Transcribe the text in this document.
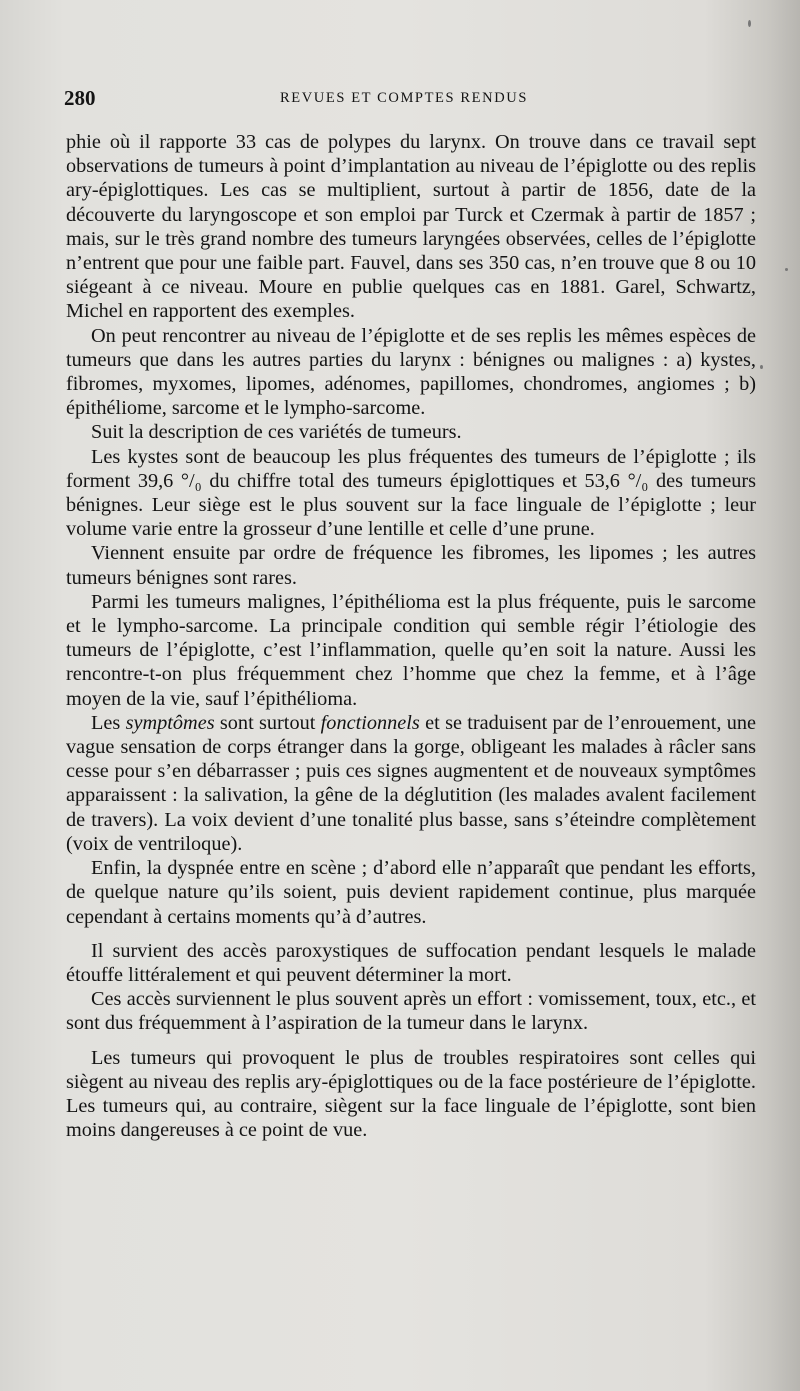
280	REVUES ET COMPTES RENDUS

phie où il rapporte 33 cas de polypes du larynx. On trouve dans ce travail sept observations de tumeurs à point d’implantation au niveau de l’épiglotte ou des replis ary-épiglottiques. Les cas se multiplient, surtout à partir de 1856, date de la découverte du laryngoscope et son emploi par Turck et Czermak à partir de 1857 ; mais, sur le très grand nombre des tumeurs laryngées observées, celles de l’épiglotte n’entrent que pour une faible part. Fauvel, dans ses 350 cas, n’en trouve que 8 ou 10 siégeant à ce niveau. Moure en publie quelques cas en 1881. Garel, Schwartz, Michel en rapportent des exemples.

On peut rencontrer au niveau de l’épiglotte et de ses replis les mêmes espèces de tumeurs que dans les autres parties du larynx : bénignes ou malignes : a) kystes, fibromes, myxomes, lipomes, adénomes, papillomes, chondromes, angiomes ; b) épithéliome, sarcome et le lympho-sarcome.

Suit la description de ces variétés de tumeurs.

Les kystes sont de beaucoup les plus fréquentes des tumeurs de l’épiglotte ; ils forment 39,6 °/₀ du chiffre total des tumeurs épiglottiques et 53,6 °/₀ des tumeurs bénignes. Leur siège est le plus souvent sur la face linguale de l’épiglotte ; leur volume varie entre la grosseur d’une lentille et celle d’une prune.

Viennent ensuite par ordre de fréquence les fibromes, les lipomes ; les autres tumeurs bénignes sont rares.

Parmi les tumeurs malignes, l’épithélioma est la plus fréquente, puis le sarcome et le lympho-sarcome. La principale condition qui semble régir l’étiologie des tumeurs de l’épiglotte, c’est l’inflammation, quelle qu’en soit la nature. Aussi les rencontre-t-on plus fréquemment chez l’homme que chez la femme, et à l’âge moyen de la vie, sauf l’épithélioma.

Les symptômes sont surtout fonctionnels et se traduisent par de l’enrouement, une vague sensation de corps étranger dans la gorge, obligeant les malades à râcler sans cesse pour s’en débarrasser ; puis ces signes augmentent et de nouveaux symptômes apparaissent : la salivation, la gêne de la déglutition (les malades avalent facilement de travers). La voix devient d’une tonalité plus basse, sans s’éteindre complètement (voix de ventriloque).

Enfin, la dyspnée entre en scène ; d’abord elle n’apparaît que pendant les efforts, de quelque nature qu’ils soient, puis devient rapidement continue, plus marquée cependant à certains moments qu’à d’autres.

Il survient des accès paroxystiques de suffocation pendant lesquels le malade étouffe littéralement et qui peuvent déterminer la mort.

Ces accès surviennent le plus souvent après un effort : vomissement, toux, etc., et sont dus fréquemment à l’aspiration de la tumeur dans le larynx.

Les tumeurs qui provoquent le plus de troubles respiratoires sont celles qui siègent au niveau des replis ary-épiglottiques ou de la face postérieure de l’épiglotte. Les tumeurs qui, au contraire, siègent sur la face linguale de l’épiglotte, sont bien moins dangereuses à ce point de vue.
